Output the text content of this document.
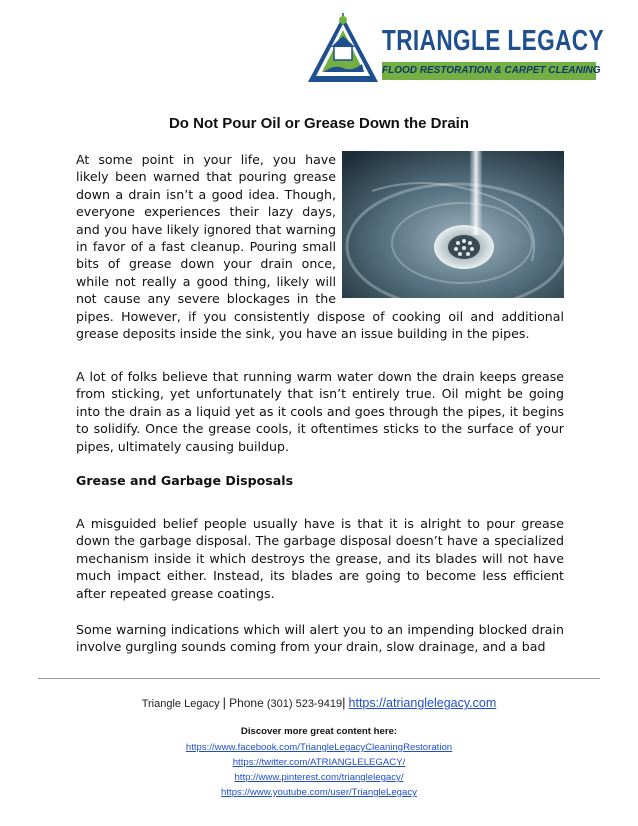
TRIANGLE LEGACY
FLOOD RESTORATION & CARPET CLEANING
Do Not Pour Oil or Grease Down the Drain
At some point in your life, you have likely been warned that pouring grease down a drain isn’t a good idea. Though, everyone experiences their lazy days, and you have likely ignored that warning in favor of a fast cleanup. Pouring small bits of grease down your drain once, while not really a good thing, likely will not cause any severe blockages in the pipes. However, if you consistently dispose of cooking oil and additional grease deposits inside the sink, you have an issue building in the pipes.
A lot of folks believe that running warm water down the drain keeps grease from sticking, yet unfortunately that isn’t entirely true. Oil might be going into the drain as a liquid yet as it cools and goes through the pipes, it begins to solidify. Once the grease cools, it oftentimes sticks to the surface of your pipes, ultimately causing buildup.
Grease and Garbage Disposals
A misguided belief people usually have is that it is alright to pour grease down the garbage disposal. The garbage disposal doesn’t have a specialized mechanism inside it which destroys the grease, and its blades will not have much impact either. Instead, its blades are going to become less efficient after repeated grease coatings.
Some warning indications which will alert you to an impending blocked drain involve gurgling sounds coming from your drain, slow drainage, and a bad
Triangle Legacy | Phone (301) 523-9419| https://atrianglelegacy.com
Discover more great content here:
https://www.facebook.com/TriangleLegacyCleaningRestoration
https://twitter.com/ATRIANGLELEGACY/
http://www.pinterest.com/trianglelegacy/
https://www.youtube.com/user/TriangleLegacy
